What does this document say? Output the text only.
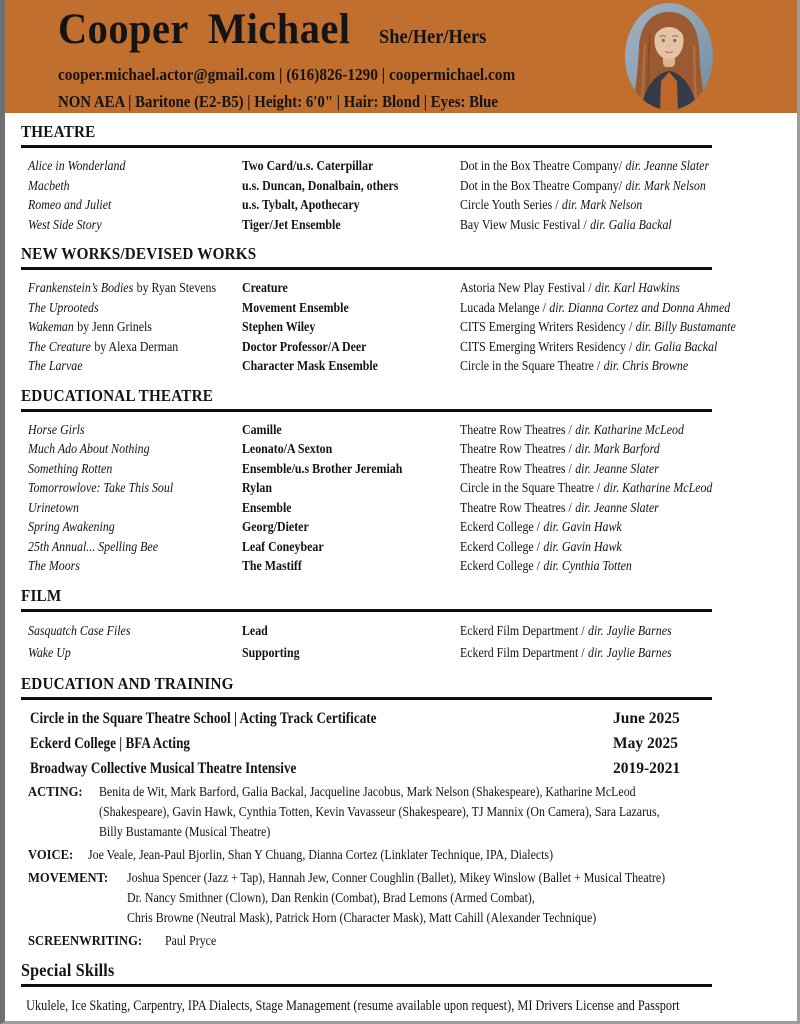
Cooper Michael She/Her/Hers
cooper.michael.actor@gmail.com | (616)826-1290 | coopermichael.com
NON AEA | Baritone (E2-B5) | Height: 6'0" | Hair: Blond | Eyes: Blue
THEATRE
Alice in Wonderland	Two Card/u.s. Caterpillar	Dot in the Box Theatre Company/ dir. Jeanne Slater
Macbeth	u.s. Duncan, Donalbain, others	Dot in the Box Theatre Company/ dir. Mark Nelson
Romeo and Juliet	u.s. Tybalt, Apothecary	Circle Youth Series / dir. Mark Nelson
West Side Story	Tiger/Jet Ensemble	Bay View Music Festival / dir. Galia Backal
NEW WORKS/DEVISED WORKS
Frankenstein’s Bodies by Ryan Stevens	Creature	Astoria New Play Festival / dir. Karl Hawkins
The Uprooteds	Movement Ensemble	Lucada Melange / dir. Dianna Cortez and Donna Ahmed
Wakeman by Jenn Grinels	Stephen Wiley	CITS Emerging Writers Residency / dir. Billy Bustamante
The Creature by Alexa Derman	Doctor Professor/A Deer	CITS Emerging Writers Residency / dir. Galia Backal
The Larvae	Character Mask Ensemble	Circle in the Square Theatre / dir. Chris Browne
EDUCATIONAL THEATRE
Horse Girls	Camille	Theatre Row Theatres / dir. Katharine McLeod
Much Ado About Nothing	Leonato/A Sexton	Theatre Row Theatres / dir. Mark Barford
Something Rotten	Ensemble/u.s Brother Jeremiah	Theatre Row Theatres / dir. Jeanne Slater
Tomorrowlove: Take This Soul	Rylan	Circle in the Square Theatre / dir. Katharine McLeod
Urinetown	Ensemble	Theatre Row Theatres / dir. Jeanne Slater
Spring Awakening	Georg/Dieter	Eckerd College / dir. Gavin Hawk
25th Annual... Spelling Bee	Leaf Coneybear	Eckerd College / dir. Gavin Hawk
The Moors	The Mastiff	Eckerd College / dir. Cynthia Totten
FILM
Sasquatch Case Files	Lead	Eckerd Film Department / dir. Jaylie Barnes
Wake Up	Supporting	Eckerd Film Department / dir. Jaylie Barnes
EDUCATION AND TRAINING
Circle in the Square Theatre School | Acting Track Certificate	June 2025
Eckerd College | BFA Acting	May 2025
Broadway Collective Musical Theatre Intensive	2019-2021
ACTING: Benita de Wit, Mark Barford, Galia Backal, Jacqueline Jacobus, Mark Nelson (Shakespeare), Katharine McLeod
(Shakespeare), Gavin Hawk, Cynthia Totten, Kevin Vavasseur (Shakespeare), TJ Mannix (On Camera), Sara Lazarus,
Billy Bustamante (Musical Theatre)
VOICE: Joe Veale, Jean-Paul Bjorlin, Shan Y Chuang, Dianna Cortez (Linklater Technique, IPA, Dialects)
MOVEMENT: Joshua Spencer (Jazz + Tap), Hannah Jew, Conner Coughlin (Ballet), Mikey Winslow (Ballet + Musical Theatre)
Dr. Nancy Smithner (Clown), Dan Renkin (Combat), Brad Lemons (Armed Combat),
Chris Browne (Neutral Mask), Patrick Horn (Character Mask), Matt Cahill (Alexander Technique)
SCREENWRITING: Paul Pryce
Special Skills
Ukulele, Ice Skating, Carpentry, IPA Dialects, Stage Management (resume available upon request), MI Drivers License and Passport
